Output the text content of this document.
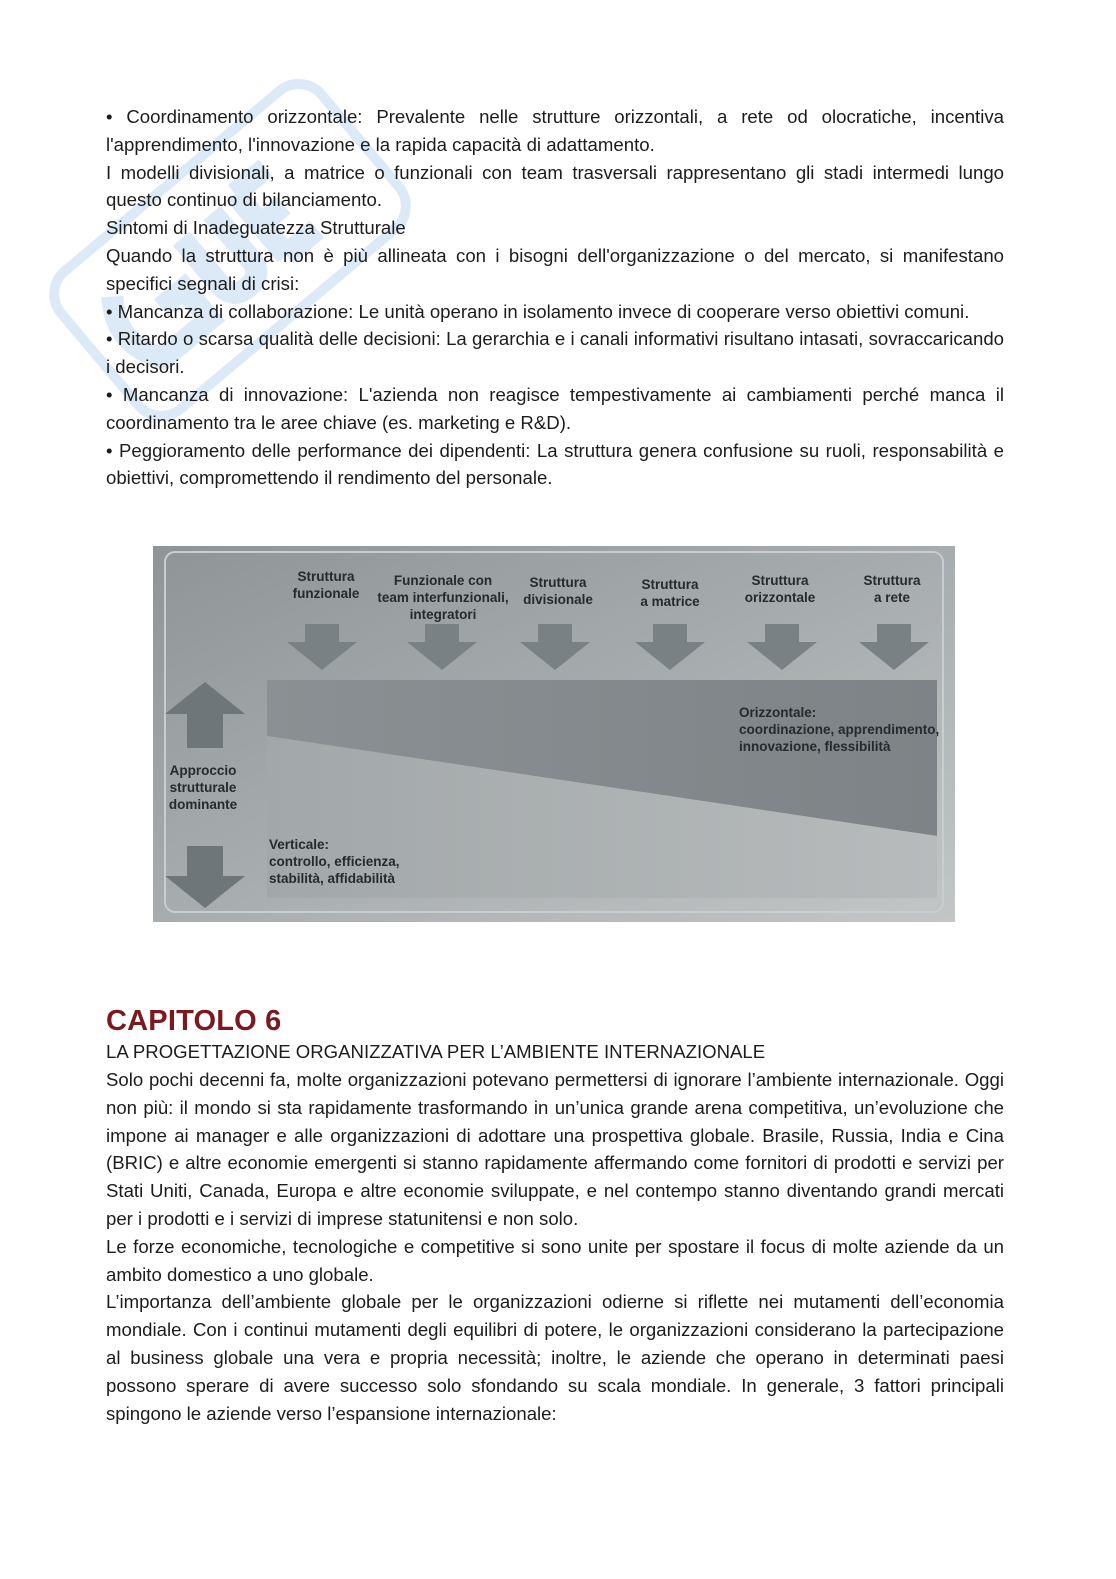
• Coordinamento orizzontale: Prevalente nelle strutture orizzontali, a rete od olocratiche, incentiva l'apprendimento, l'innovazione e la rapida capacità di adattamento.

I modelli divisionali, a matrice o funzionali con team trasversali rappresentano gli stadi intermedi lungo questo continuo di bilanciamento.

Sintomi di Inadeguatezza Strutturale

Quando la struttura non è più allineata con i bisogni dell'organizzazione o del mercato, si manifestano specifici segnali di crisi:

• Mancanza di collaborazione: Le unità operano in isolamento invece di cooperare verso obiettivi comuni.

• Ritardo o scarsa qualità delle decisioni: La gerarchia e i canali informativi risultano intasati, sovraccaricando i decisori.

• Mancanza di innovazione: L'azienda non reagisce tempestivamente ai cambiamenti perché manca il coordinamento tra le aree chiave (es. marketing e R&D).

• Peggioramento delle performance dei dipendenti: La struttura genera confusione su ruoli, responsabilità e obiettivi, compromettendo il rendimento del personale.

Struttura
funzionale
Funzionale con
team interfunzionali,
integratori
Struttura
divisionale
Struttura
a matrice
Struttura
orizzontale
Struttura
a rete
Approccio
strutturale
dominante
Orizzontale:
coordinazione, apprendimento,
innovazione, flessibilità
Verticale:
controllo, efficienza,
stabilità, affidabilità
CAPITOLO 6
LA PROGETTAZIONE ORGANIZZATIVA PER L’AMBIENTE INTERNAZIONALE

Solo pochi decenni fa, molte organizzazioni potevano permettersi di ignorare l’ambiente internazionale. Oggi non più: il mondo si sta rapidamente trasformando in un’unica grande arena competitiva, un’evoluzione che impone ai manager e alle organizzazioni di adottare una prospettiva globale. Brasile, Russia, India e Cina (BRIC) e altre economie emergenti si stanno rapidamente affermando come fornitori di prodotti e servizi per Stati Uniti, Canada, Europa e altre economie sviluppate, e nel contempo stanno diventando grandi mercati per i prodotti e i servizi di imprese statunitensi e non solo.

Le forze economiche, tecnologiche e competitive si sono unite per spostare il focus di molte aziende da un ambito domestico a uno globale.

L’importanza dell’ambiente globale per le organizzazioni odierne si riflette nei mutamenti dell’economia mondiale. Con i continui mutamenti degli equilibri di potere, le organizzazioni considerano la partecipazione al business globale una vera e propria necessità; inoltre, le aziende che operano in determinati paesi possono sperare di avere successo solo sfondando su scala mondiale. In generale, 3 fattori principali spingono le aziende verso l’espansione internazionale:
